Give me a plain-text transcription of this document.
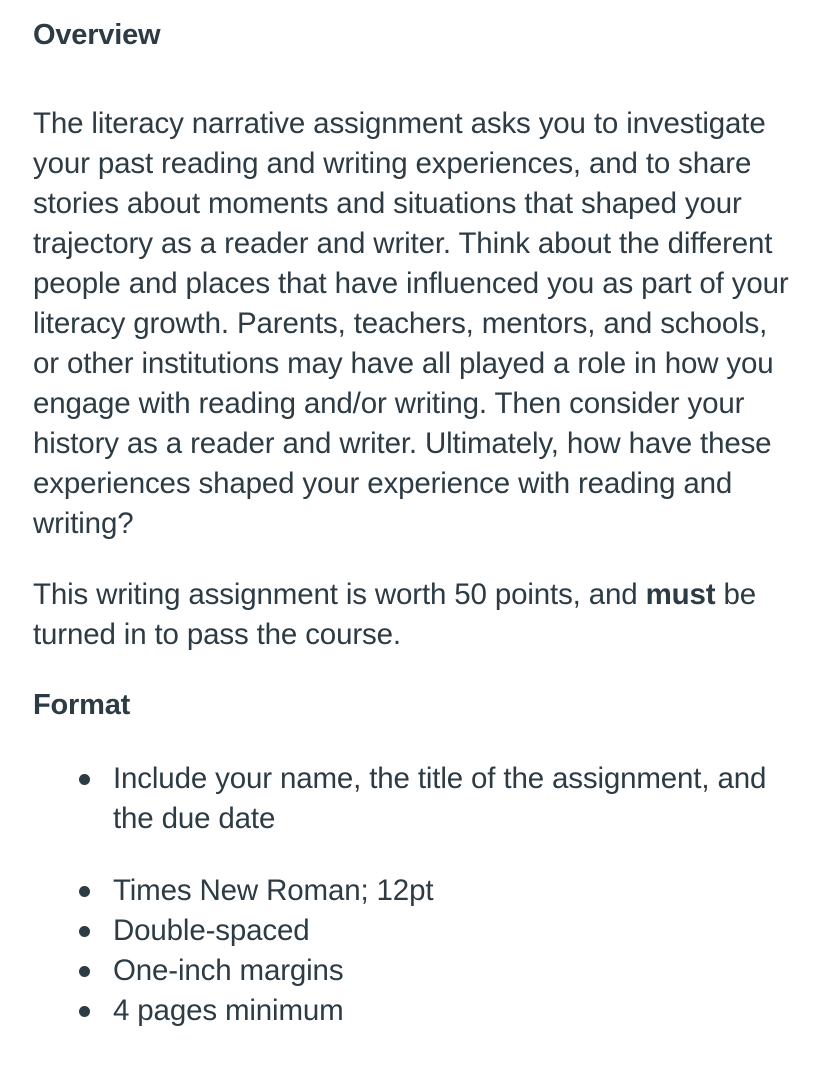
Overview

The literacy narrative assignment asks you to investigate your past reading and writing experiences, and to share stories about moments and situations that shaped your trajectory as a reader and writer. Think about the different people and places that have influenced you as part of your literacy growth. Parents, teachers, mentors, and schools, or other institutions may have all played a role in how you engage with reading and/or writing. Then consider your history as a reader and writer. Ultimately, how have these experiences shaped your experience with reading and writing?

This writing assignment is worth 50 points, and must be turned in to pass the course.

Format
Include your name, the title of the assignment, and the due date
Times New Roman; 12pt
Double-spaced
One-inch margins
4 pages minimum
